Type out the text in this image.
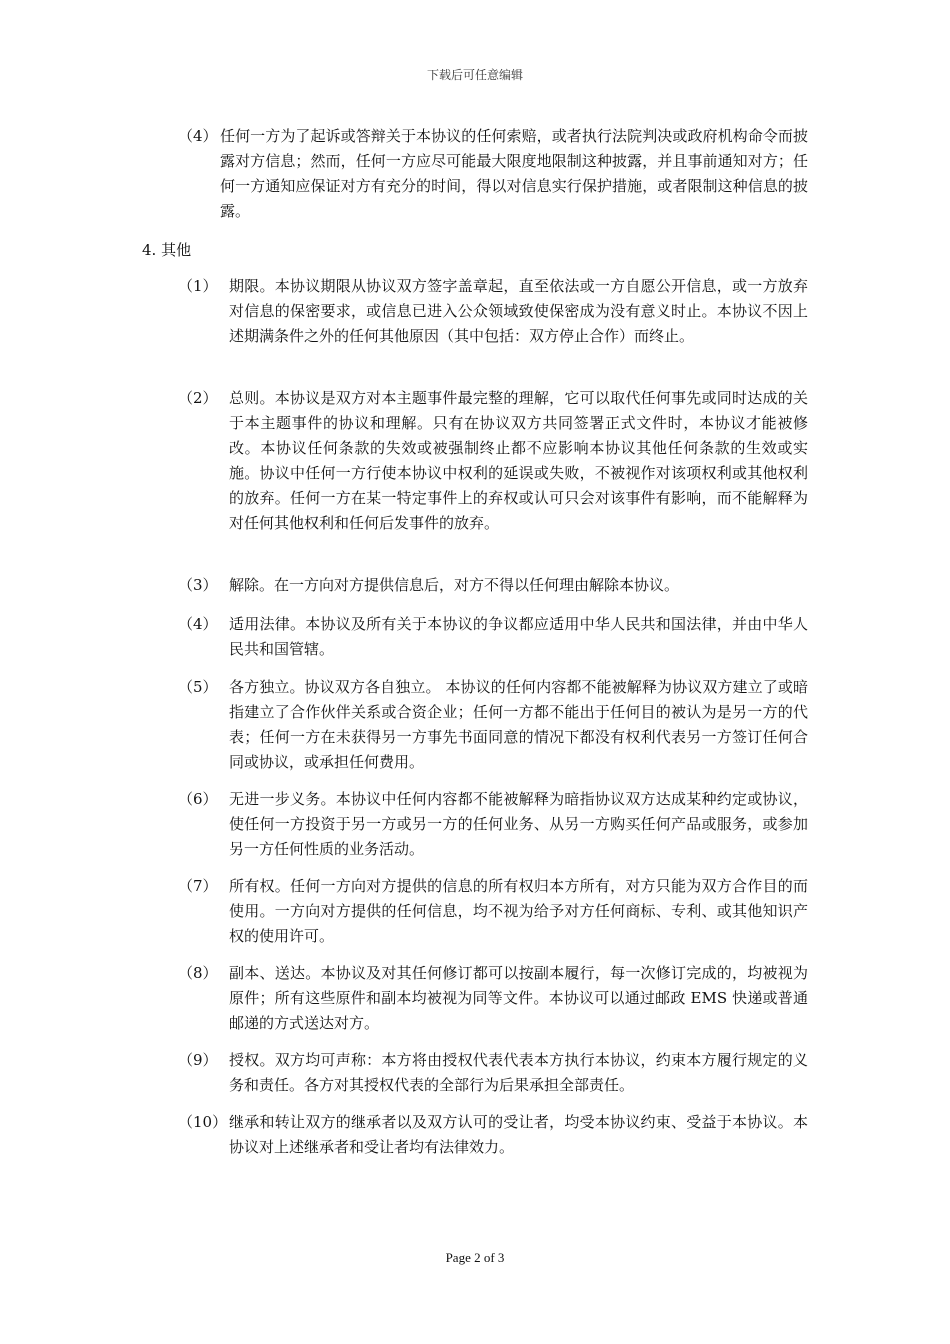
下载后可任意编辑
（4） 任何一方为了起诉或答辩关于本协议的任何索赔，或者执行法院判决或政府机构命令而披露对方信息；然而，任何一方应尽可能最大限度地限制这种披露，并且事前通知对方；任何一方通知应保证对方有充分的时间，得以对信息实行保护措施，或者限制这种信息的披露。
4. 其他
（1） 期限。本协议期限从协议双方签字盖章起，直至依法或一方自愿公开信息，或一方放弃对信息的保密要求，或信息已进入公众领域致使保密成为没有意义时止。本协议不因上述期满条件之外的任何其他原因（其中包括：双方停止合作）而终止。
（2） 总则。本协议是双方对本主题事件最完整的理解，它可以取代任何事先或同时达成的关于本主题事件的协议和理解。只有在协议双方共同签署正式文件时，本协议才能被修改。本协议任何条款的失效或被强制终止都不应影响本协议其他任何条款的生效或实施。协议中任何一方行使本协议中权利的延误或失败，不被视作对该项权利或其他权利的放弃。任何一方在某一特定事件上的弃权或认可只会对该事件有影响，而不能解释为对任何其他权利和任何后发事件的放弃。
（3） 解除。在一方向对方提供信息后，对方不得以任何理由解除本协议。
（4） 适用法律。本协议及所有关于本协议的争议都应适用中华人民共和国法律，并由中华人民共和国管辖。
（5） 各方独立。协议双方各自独立。 本协议的任何内容都不能被解释为协议双方建立了或暗指建立了合作伙伴关系或合资企业；任何一方都不能出于任何目的被认为是另一方的代表；任何一方在未获得另一方事先书面同意的情况下都没有权利代表另一方签订任何合同或协议，或承担任何费用。
（6） 无进一步义务。本协议中任何内容都不能被解释为暗指协议双方达成某种约定或协议，使任何一方投资于另一方或另一方的任何业务、从另一方购买任何产品或服务，或参加另一方任何性质的业务活动。
（7） 所有权。任何一方向对方提供的信息的所有权归本方所有，对方只能为双方合作目的而使用。一方向对方提供的任何信息，均不视为给予对方任何商标、专利、或其他知识产权的使用许可。
（8） 副本、送达。本协议及对其任何修订都可以按副本履行，每一次修订完成的，均被视为原件；所有这些原件和副本均被视为同等文件。本协议可以通过邮政 EMS 快递或普通邮递的方式送达对方。
（9） 授权。双方均可声称：本方将由授权代表代表本方执行本协议，约束本方履行规定的义务和责任。各方对其授权代表的全部行为后果承担全部责任。
（10） 继承和转让双方的继承者以及双方认可的受让者，均受本协议约束、受益于本协议。本协议对上述继承者和受让者均有法律效力。
Page 2 of 3
